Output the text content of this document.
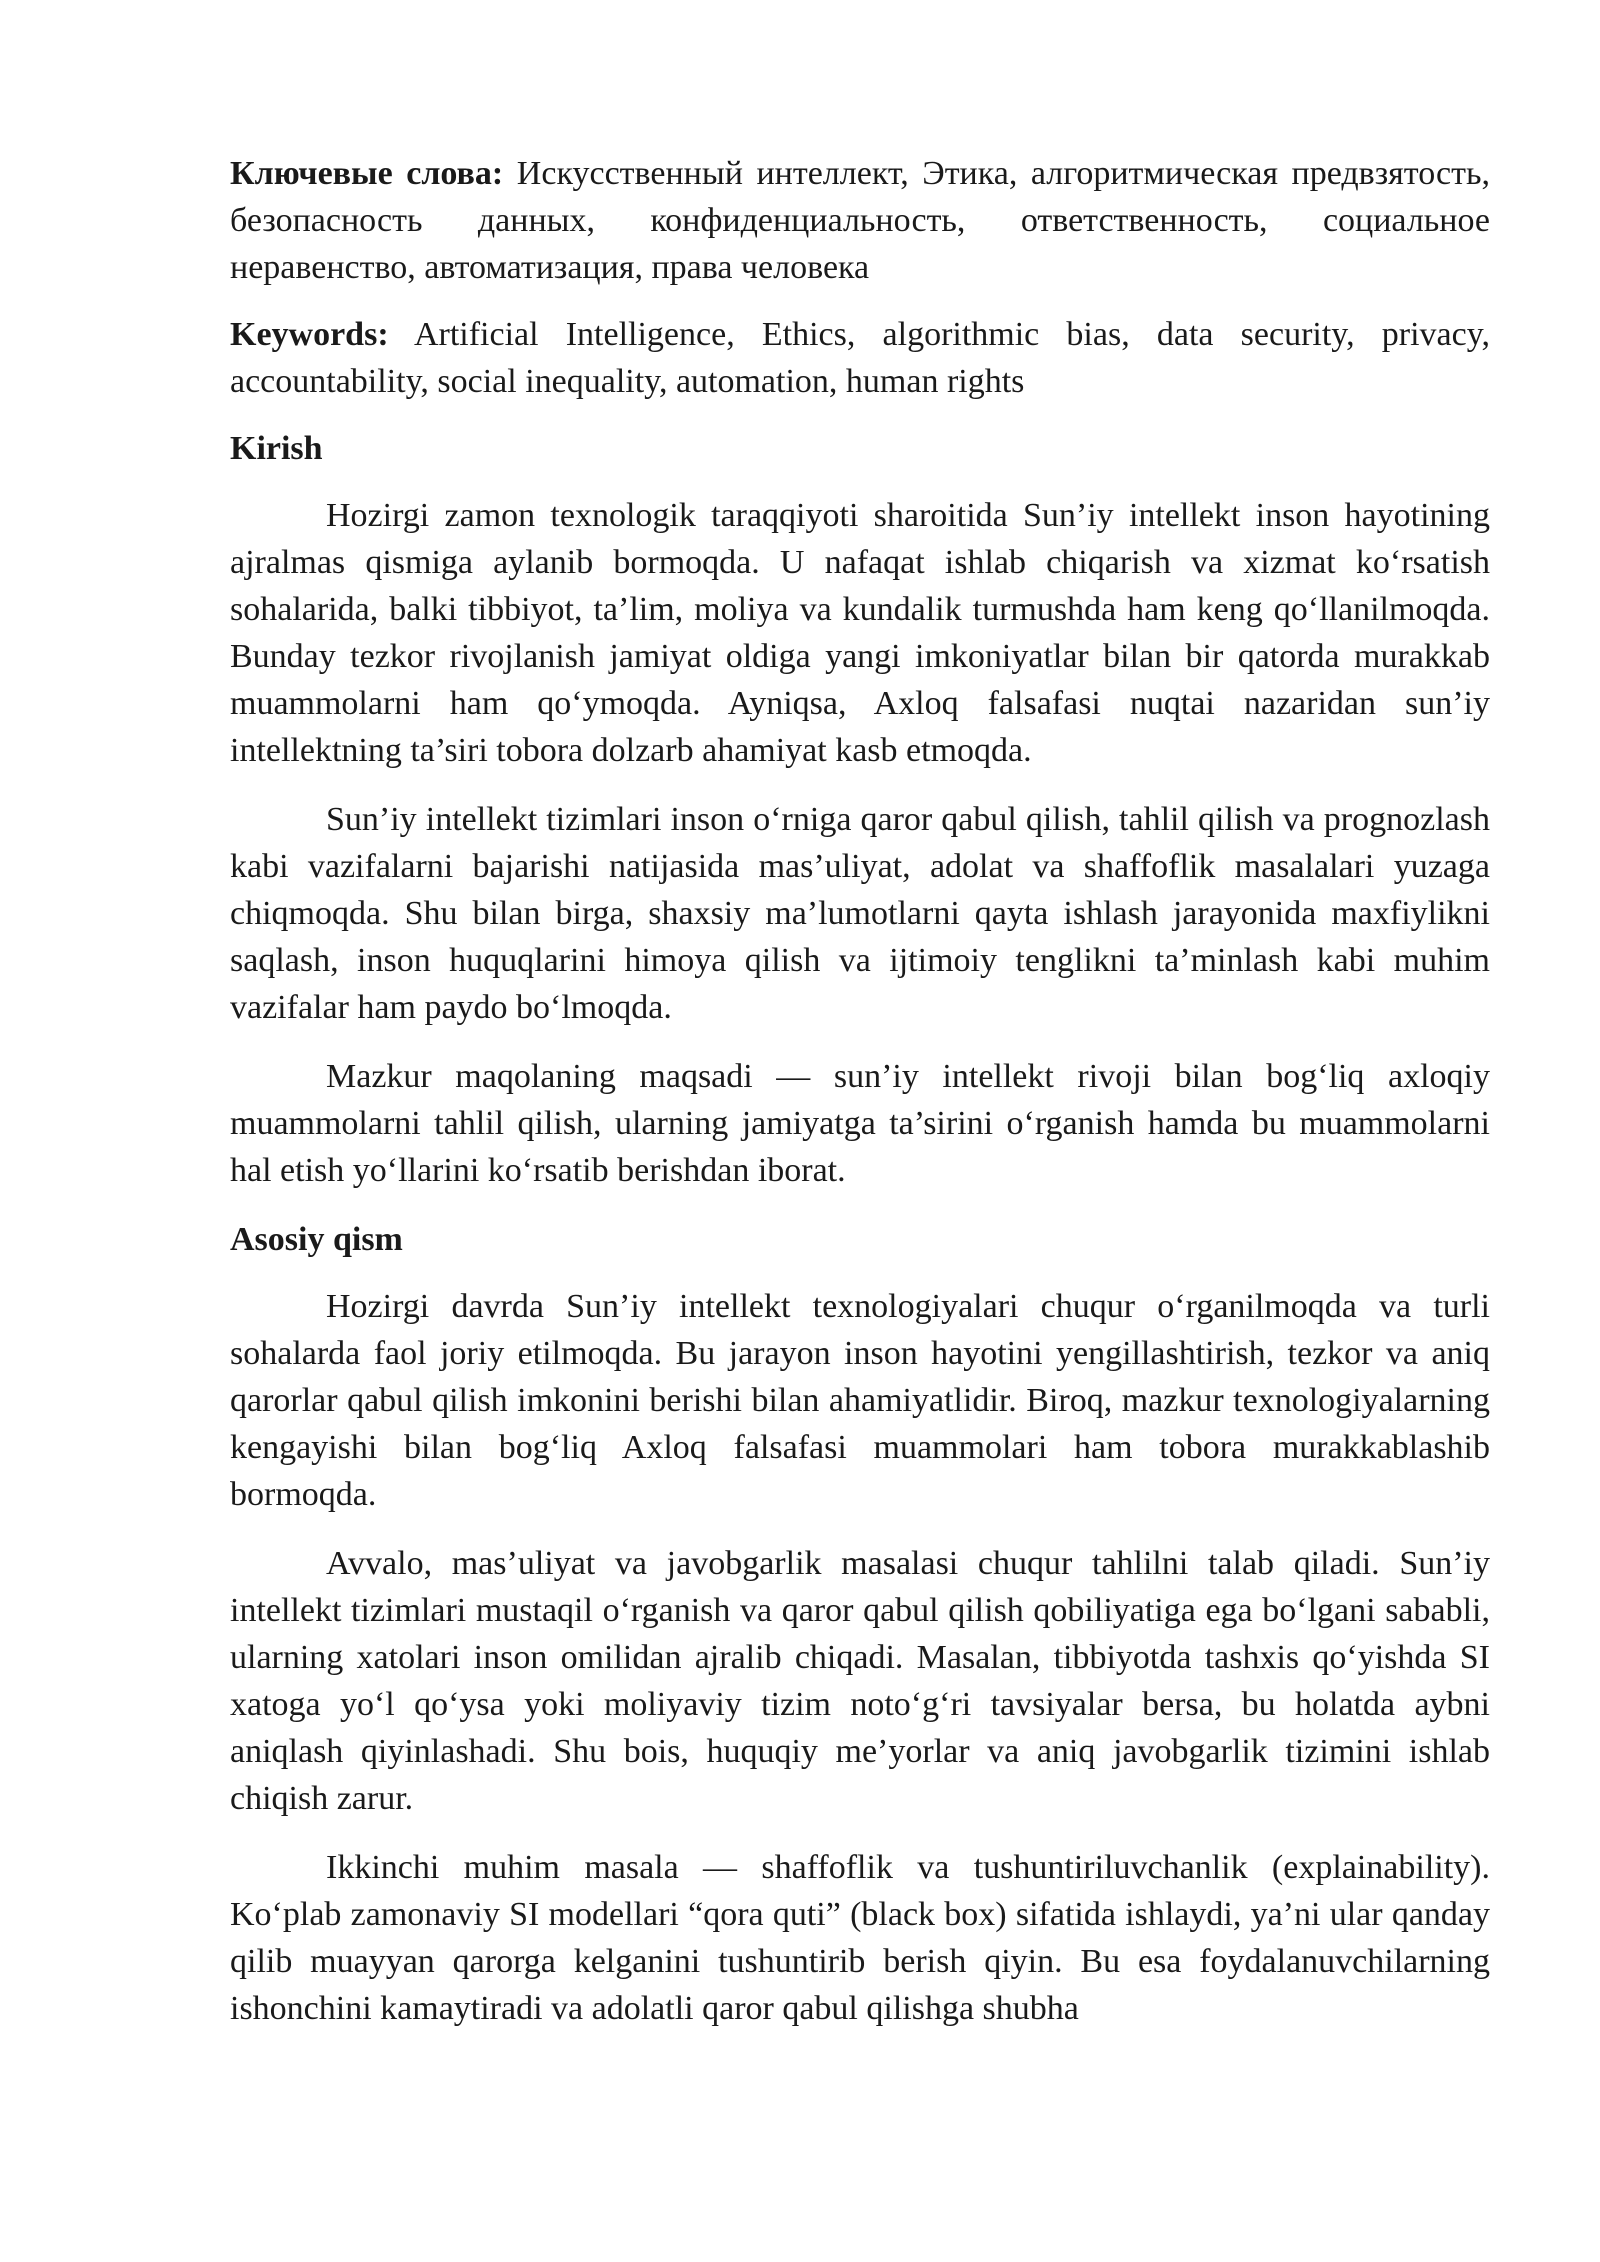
Ключевые слова: Искусственный интеллект, Этика, алгоритмическая предвзятость, безопасность данных, конфиденциальность, ответственность, социальное неравенство, автоматизация, права человека

Keywords: Artificial Intelligence, Ethics, algorithmic bias, data security, privacy, accountability, social inequality, automation, human rights

Kirish

Hozirgi zamon texnologik taraqqiyoti sharoitida Sun’iy intellekt inson hayotining ajralmas qismiga aylanib bormoqda. U nafaqat ishlab chiqarish va xizmat ko‘rsatish sohalarida, balki tibbiyot, ta’lim, moliya va kundalik turmushda ham keng qo‘llanilmoqda. Bunday tezkor rivojlanish jamiyat oldiga yangi imkoniyatlar bilan bir qatorda murakkab muammolarni ham qo‘ymoqda. Ayniqsa, Axloq falsafasi nuqtai nazaridan sun’iy intellektning ta’siri tobora dolzarb ahamiyat kasb etmoqda.

Sun’iy intellekt tizimlari inson o‘rniga qaror qabul qilish, tahlil qilish va prognozlash kabi vazifalarni bajarishi natijasida mas’uliyat, adolat va shaffoflik masalalari yuzaga chiqmoqda. Shu bilan birga, shaxsiy ma’lumotlarni qayta ishlash jarayonida maxfiylikni saqlash, inson huquqlarini himoya qilish va ijtimoiy tenglikni ta’minlash kabi muhim vazifalar ham paydo bo‘lmoqda.

Mazkur maqolaning maqsadi — sun’iy intellekt rivoji bilan bog‘liq axloqiy muammolarni tahlil qilish, ularning jamiyatga ta’sirini o‘rganish hamda bu muammolarni hal etish yo‘llarini ko‘rsatib berishdan iborat.

Asosiy qism

Hozirgi davrda Sun’iy intellekt texnologiyalari chuqur o‘rganilmoqda va turli sohalarda faol joriy etilmoqda. Bu jarayon inson hayotini yengillashtirish, tezkor va aniq qarorlar qabul qilish imkonini berishi bilan ahamiyatlidir. Biroq, mazkur texnologiyalarning kengayishi bilan bog‘liq Axloq falsafasi muammolari ham tobora murakkablashib bormoqda.

Avvalo, mas’uliyat va javobgarlik masalasi chuqur tahlilni talab qiladi. Sun’iy intellekt tizimlari mustaqil o‘rganish va qaror qabul qilish qobiliyatiga ega bo‘lgani sababli, ularning xatolari inson omilidan ajralib chiqadi. Masalan, tibbiyotda tashxis qo‘yishda SI xatoga yo‘l qo‘ysa yoki moliyaviy tizim noto‘g‘ri tavsiyalar bersa, bu holatda aybni aniqlash qiyinlashadi. Shu bois, huquqiy me’yorlar va aniq javobgarlik tizimini ishlab chiqish zarur.

Ikkinchi muhim masala — shaffoflik va tushuntiriluvchanlik (explainability). Ko‘plab zamonaviy SI modellari “qora quti” (black box) sifatida ishlaydi, ya’ni ular qanday qilib muayyan qarorga kelganini tushuntirib berish qiyin. Bu esa foydalanuvchilarning ishonchini kamaytiradi va adolatli qaror qabul qilishga shubha
